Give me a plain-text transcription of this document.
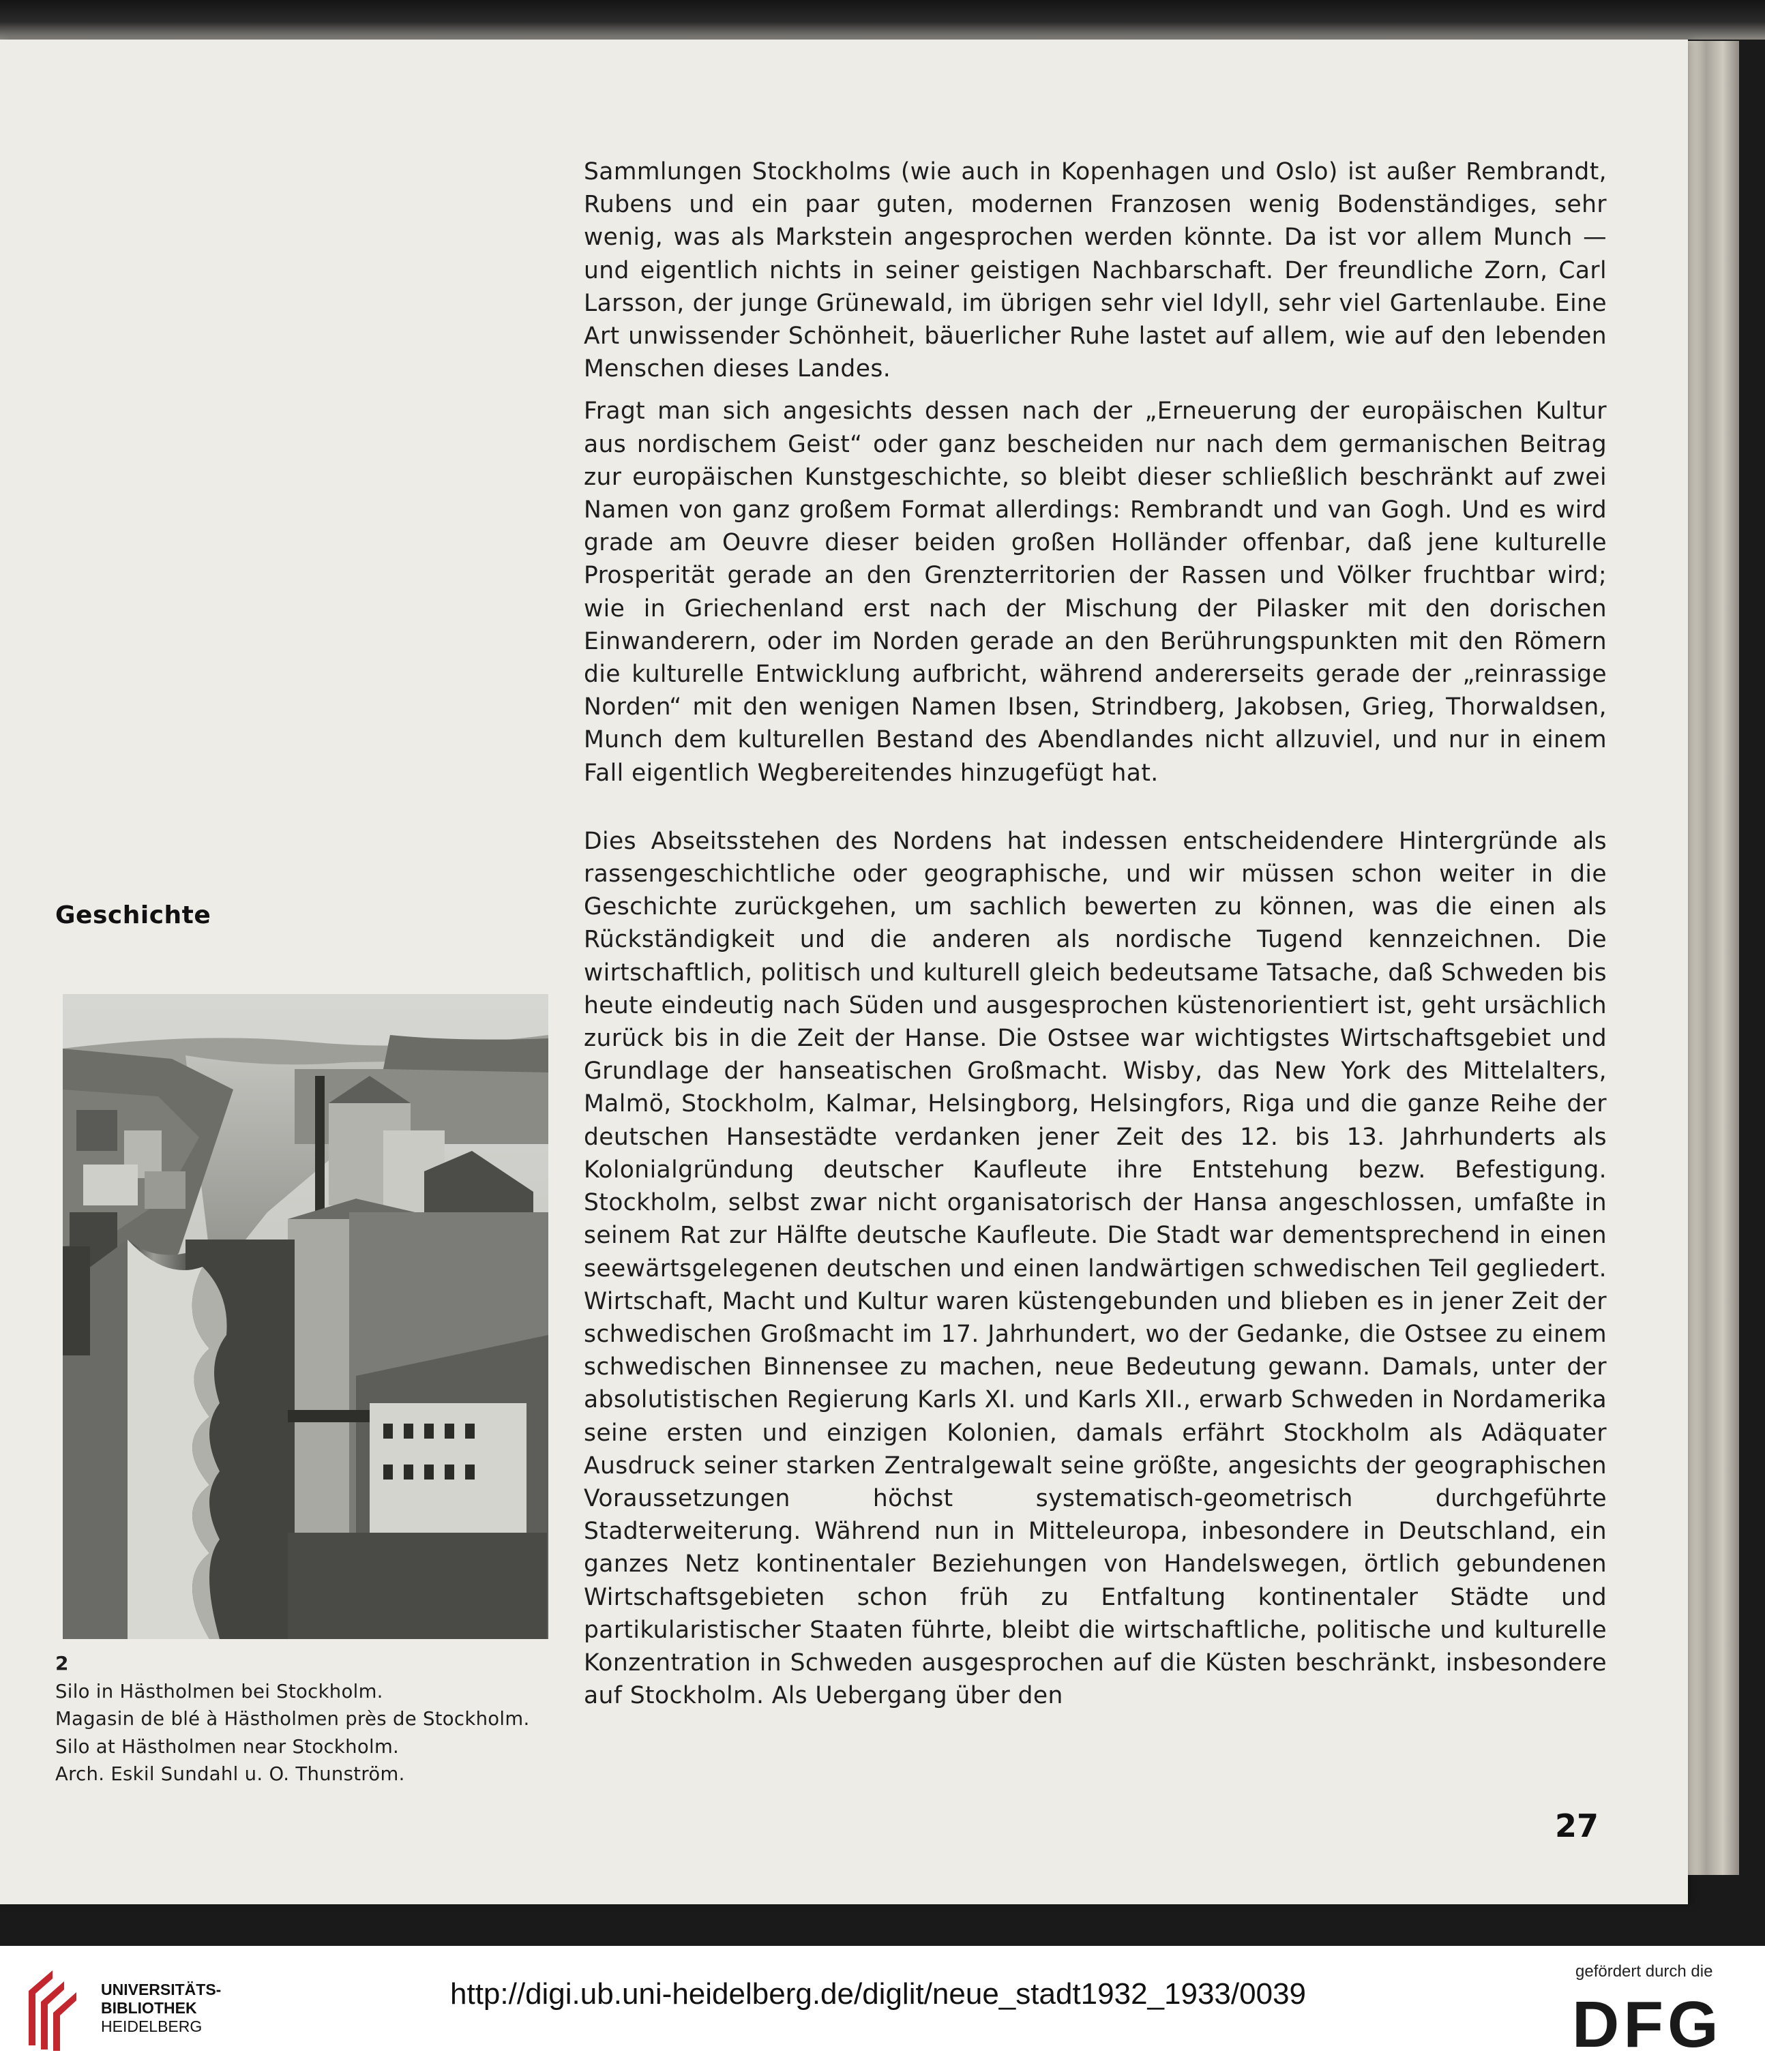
Geschichte
2
Silo in Hästholmen bei Stockholm.
Magasin de blé à Hästholmen près de Stockholm.
Silo at Hästholmen near Stockholm.
Arch. Eskil Sundahl u. O. Thunström.

Sammlungen Stockholms (wie auch in Kopenhagen und Oslo) ist außer Rembrandt, Rubens und ein paar guten, modernen Franzosen wenig Bodenständiges, sehr wenig, was als Markstein angesprochen werden könnte. Da ist vor allem Munch — und eigentlich nichts in seiner geistigen Nachbarschaft. Der freundliche Zorn, Carl Larsson, der junge Grünewald, im übrigen sehr viel Idyll, sehr viel Gartenlaube. Eine Art unwissender Schönheit, bäuerlicher Ruhe lastet auf allem, wie auf den lebenden Menschen dieses Landes.

Fragt man sich angesichts dessen nach der „Erneuerung der europäischen Kultur aus nordischem Geist“ oder ganz bescheiden nur nach dem germanischen Beitrag zur europäischen Kunstgeschichte, so bleibt dieser schließlich beschränkt auf zwei Namen von ganz großem Format allerdings: Rembrandt und van Gogh. Und es wird grade am Oeuvre dieser beiden großen Holländer offenbar, daß jene kulturelle Prosperität gerade an den Grenzterritorien der Rassen und Völker fruchtbar wird; wie in Griechenland erst nach der Mischung der Pilasker mit den dorischen Einwanderern, oder im Norden gerade an den Berührungspunkten mit den Römern die kulturelle Entwicklung aufbricht, während andererseits gerade der „reinrassige Norden“ mit den wenigen Namen Ibsen, Strindberg, Jakobsen, Grieg, Thorwaldsen, Munch dem kulturellen Bestand des Abendlandes nicht allzuviel, und nur in einem Fall eigentlich Wegbereitendes hinzugefügt hat.

Dies Abseitsstehen des Nordens hat indessen entscheidendere Hintergründe als rassengeschichtliche oder geographische, und wir müssen schon weiter in die Geschichte zurückgehen, um sachlich bewerten zu können, was die einen als Rückständigkeit und die anderen als nordische Tugend kennzeichnen. Die wirtschaftlich, politisch und kulturell gleich bedeutsame Tatsache, daß Schweden bis heute eindeutig nach Süden und ausgesprochen küstenorientiert ist, geht ursächlich zurück bis in die Zeit der Hanse. Die Ostsee war wichtigstes Wirtschaftsgebiet und Grundlage der hanseatischen Großmacht. Wisby, das New York des Mittelalters, Malmö, Stockholm, Kalmar, Helsingborg, Helsingfors, Riga und die ganze Reihe der deutschen Hansestädte verdanken jener Zeit des 12. bis 13. Jahrhunderts als Kolonialgründung deutscher Kaufleute ihre Entstehung bezw. Befestigung. Stockholm, selbst zwar nicht organisatorisch der Hansa angeschlossen, umfaßte in seinem Rat zur Hälfte deutsche Kaufleute. Die Stadt war dementsprechend in einen seewärtsgelegenen deutschen und einen landwärtigen schwedischen Teil gegliedert. Wirtschaft, Macht und Kultur waren küstengebunden und blieben es in jener Zeit der schwedischen Großmacht im 17. Jahrhundert, wo der Gedanke, die Ostsee zu einem schwedischen Binnensee zu machen, neue Bedeutung gewann. Damals, unter der absolutistischen Regierung Karls XI. und Karls XII., erwarb Schweden in Nordamerika seine ersten und einzigen Kolonien, damals erfährt Stockholm als Adäquater Ausdruck seiner starken Zentralgewalt seine größte, angesichts der geographischen Voraussetzungen höchst systematisch-geometrisch durchgeführte Stadterweiterung. Während nun in Mitteleuropa, inbesondere in Deutschland, ein ganzes Netz kontinentaler Beziehungen von Handelswegen, örtlich gebundenen Wirtschaftsgebieten schon früh zu Entfaltung kontinentaler Städte und partikularistischer Staaten führte, bleibt die wirtschaftliche, politische und kulturelle Konzentration in Schweden ausgesprochen auf die Küsten beschränkt, insbesondere auf Stockholm. Als Uebergang über den

27
UNIVERSITÄTS-
BIBLIOTHEK
HEIDELBERG
http://digi.ub.uni-heidelberg.de/diglit/neue_stadt1932_1933/0039
gefördert durch die
DFG
